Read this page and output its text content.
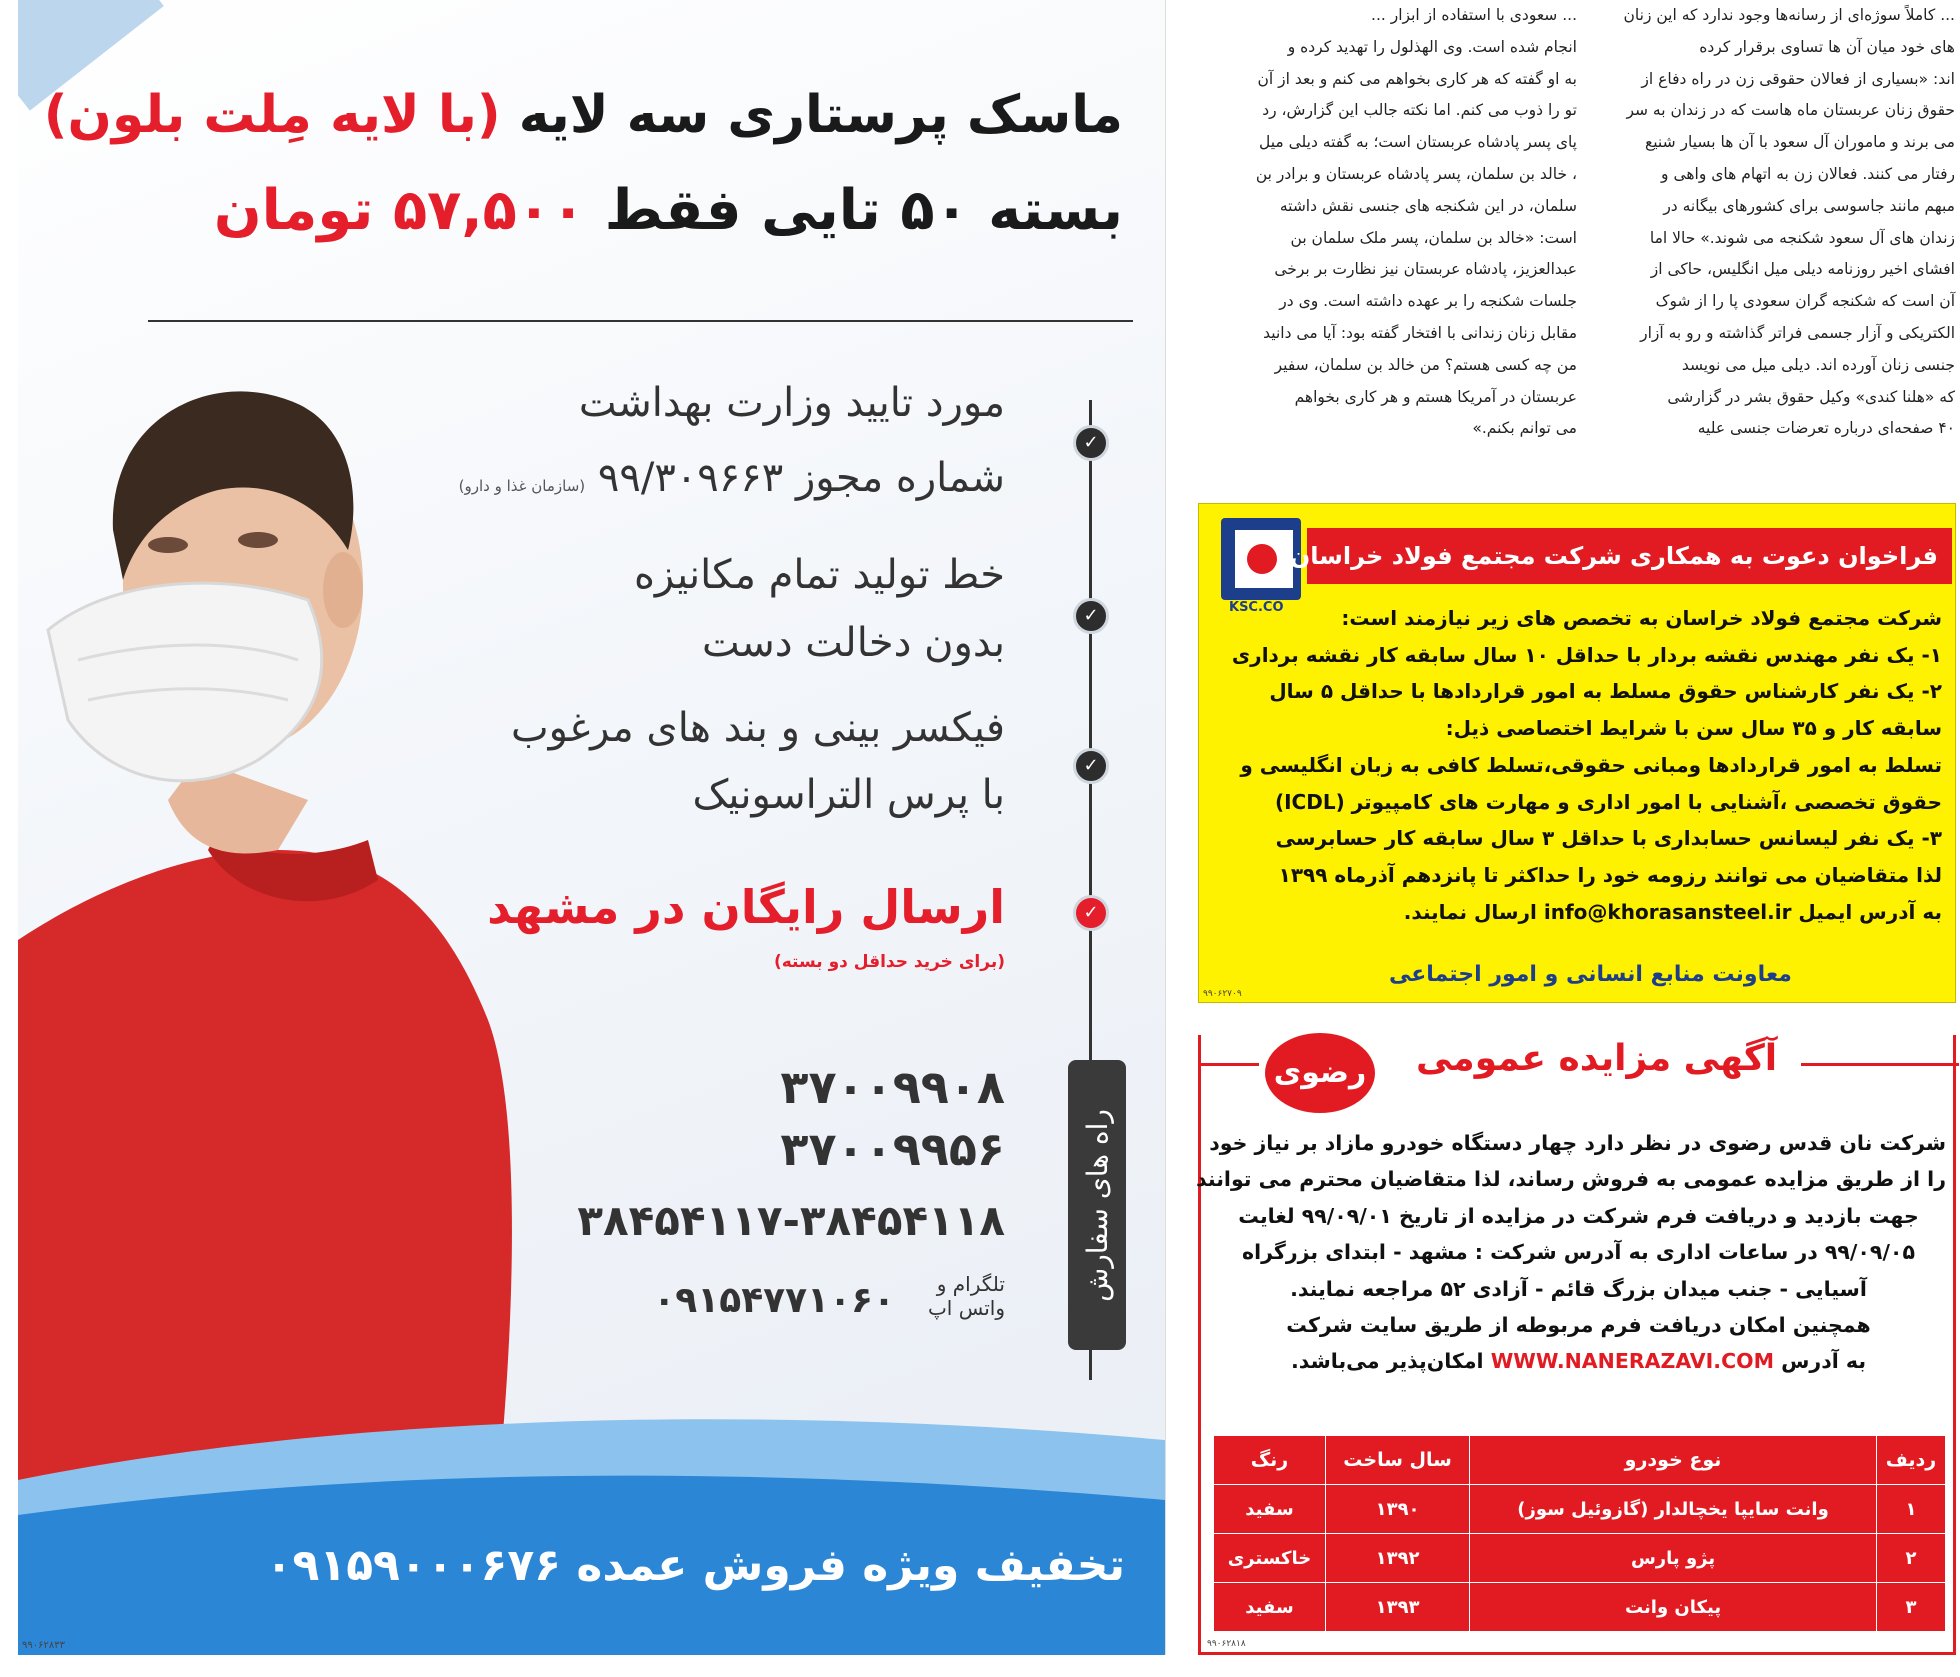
ماسک پرستاری سه لایه (با لایه مِلت بلون)
بسته ۵۰ تایی فقط ۵۷,۵۰۰ تومان
✓
✓
✓
✓
مورد تایید وزارت بهداشت
شماره مجوز ۹۹/۳۰۹۶۶۳ (سازمان غذا و دارو)
خط تولید تمام مکانیزه
بدون دخالت دست
فیکسر بینی و بند های مرغوب
با پرس التراسونیک
ارسال رایگان در مشهد
(برای خرید حداقل دو بسته)
۳۷۰۰۹۹۰۸
۳۷۰۰۹۹۵۶
۳۸۴۵۴۱۱۷-۳۸۴۵۴۱۱۸
تلگرام و
واتس اپ
۰۹۱۵۴۷۷۱۰۶۰	راه های سفارش
تخفیف ویژه فروش عمده ۰۹۱۵۹۰۰۰۶۷۶
۹۹۰۶۲۸۳۳

... کاملاً سوژه‌ای از رسانه‌ها وجود ندارد که این زنان

های خود میان آن ها تساوی برقرار کرده

اند: «بسیاری از فعالان حقوقی زن در راه دفاع از

حقوق زنان عربستان ماه هاست که در زندان به سر

می برند و ماموران آل سعود با آن ها بسیار شنیع

رفتار می کنند. فعالان زن به اتهام های واهی و

مبهم مانند جاسوسی برای کشورهای بیگانه در

زندان های آل سعود شکنجه می شوند.» حالا اما

افشای اخیر روزنامه دیلی میل انگلیس، حاکی از

آن است که شکنجه گران سعودی پا را از شوک

الکتریکی و آزار جسمی فراتر گذاشته و رو به آزار

جنسی زنان آورده اند. دیلی میل می نویسد

که «هلنا کندی» وکیل حقوق بشر در گزارشی

۴۰ صفحه‌ای درباره تعرضات جنسی علیه

... سعودی با استفاده از ابزار ...

انجام شده است. وی الهذلول را تهدید کرده و

به او گفته که هر کاری بخواهم می کنم و بعد از آن

تو را ذوب می کنم. اما نکته جالب این گزارش، رد

پای پسر پادشاه عربستان است؛ به گفته دیلی میل

، خالد بن سلمان، پسر پادشاه عربستان و برادر بن

سلمان، در این شکنجه های جنسی نقش داشته

است: «خالد بن سلمان، پسر ملک سلمان بن

عبدالعزیز، پادشاه عربستان نیز نظارت بر برخی

جلسات شکنجه را بر عهده داشته است. وی در

مقابل زنان زندانی با افتخار گفته بود: آیا می دانید

من چه کسی هستم؟ من خالد بن سلمان، سفیر

عربستان در آمریکا هستم و هر کاری بخواهم

می توانم بکنم.»

KSC.CO
فراخوان دعوت به همکاری شرکت مجتمع فولاد خراسان

شرکت مجتمع فولاد خراسان به تخصص های زیر نیازمند است:

۱- یک نفر مهندس نقشه بردار با حداقل ۱۰ سال سابقه کار نقشه برداری

۲- یک نفر کارشناس حقوق مسلط به امور قراردادها با حداقل ۵ سال

سابقه کار و ۳۵ سال سن با شرایط اختصاصی ذیل:

تسلط به امور قراردادها ومبانی حقوقی،تسلط کافی به زبان انگلیسی و

حقوق تخصصی ،آشنایی با امور اداری و مهارت های کامپیوتر (ICDL)

۳- یک نفر لیسانس حسابداری با حداقل ۳ سال سابقه کار حسابرسی

لذا متقاضیان می توانند رزومه خود را حداکثر تا پانزدهم آذرماه ۱۳۹۹

به آدرس ایمیل info@khorasansteel.ir ارسال نمایند.

معاونت منابع انسانی و امور اجتماعی
۹۹۰۶۲۷۰۹
رضوی آگهی مزایده عمومی

شرکت نان قدس رضوی در نظر دارد چهار دستگاه خودرو مازاد بر نیاز خود

را از طریق مزایده عمومی به فروش رساند، لذا متقاضیان محترم می توانند

جهت بازدید و دریافت فرم شرکت در مزایده از تاریخ ۹۹/۰۹/۰۱ لغایت

۹۹/۰۹/۰۵ در ساعات اداری به آدرس شرکت : مشهد - ابتدای بزرگراه

آسیایی - جنب میدان بزرگ قائم - آزادی ۵۲ مراجعه نمایند.

همچنین امکان دریافت فرم مربوطه از طریق سایت شرکت

به آدرس WWW.NANERAZAVI.COM امکان‌پذیر می‌باشد.

ردیف	نوع خودرو	سال ساخت	رنگ
۱	وانت سایپا یخچالدار (گازوئیل سوز)	۱۳۹۰	سفید
۲	پژو پارس	۱۳۹۲	خاکستری
۳	پیکان وانت	۱۳۹۳	سفید
۹۹۰۶۲۸۱۸
